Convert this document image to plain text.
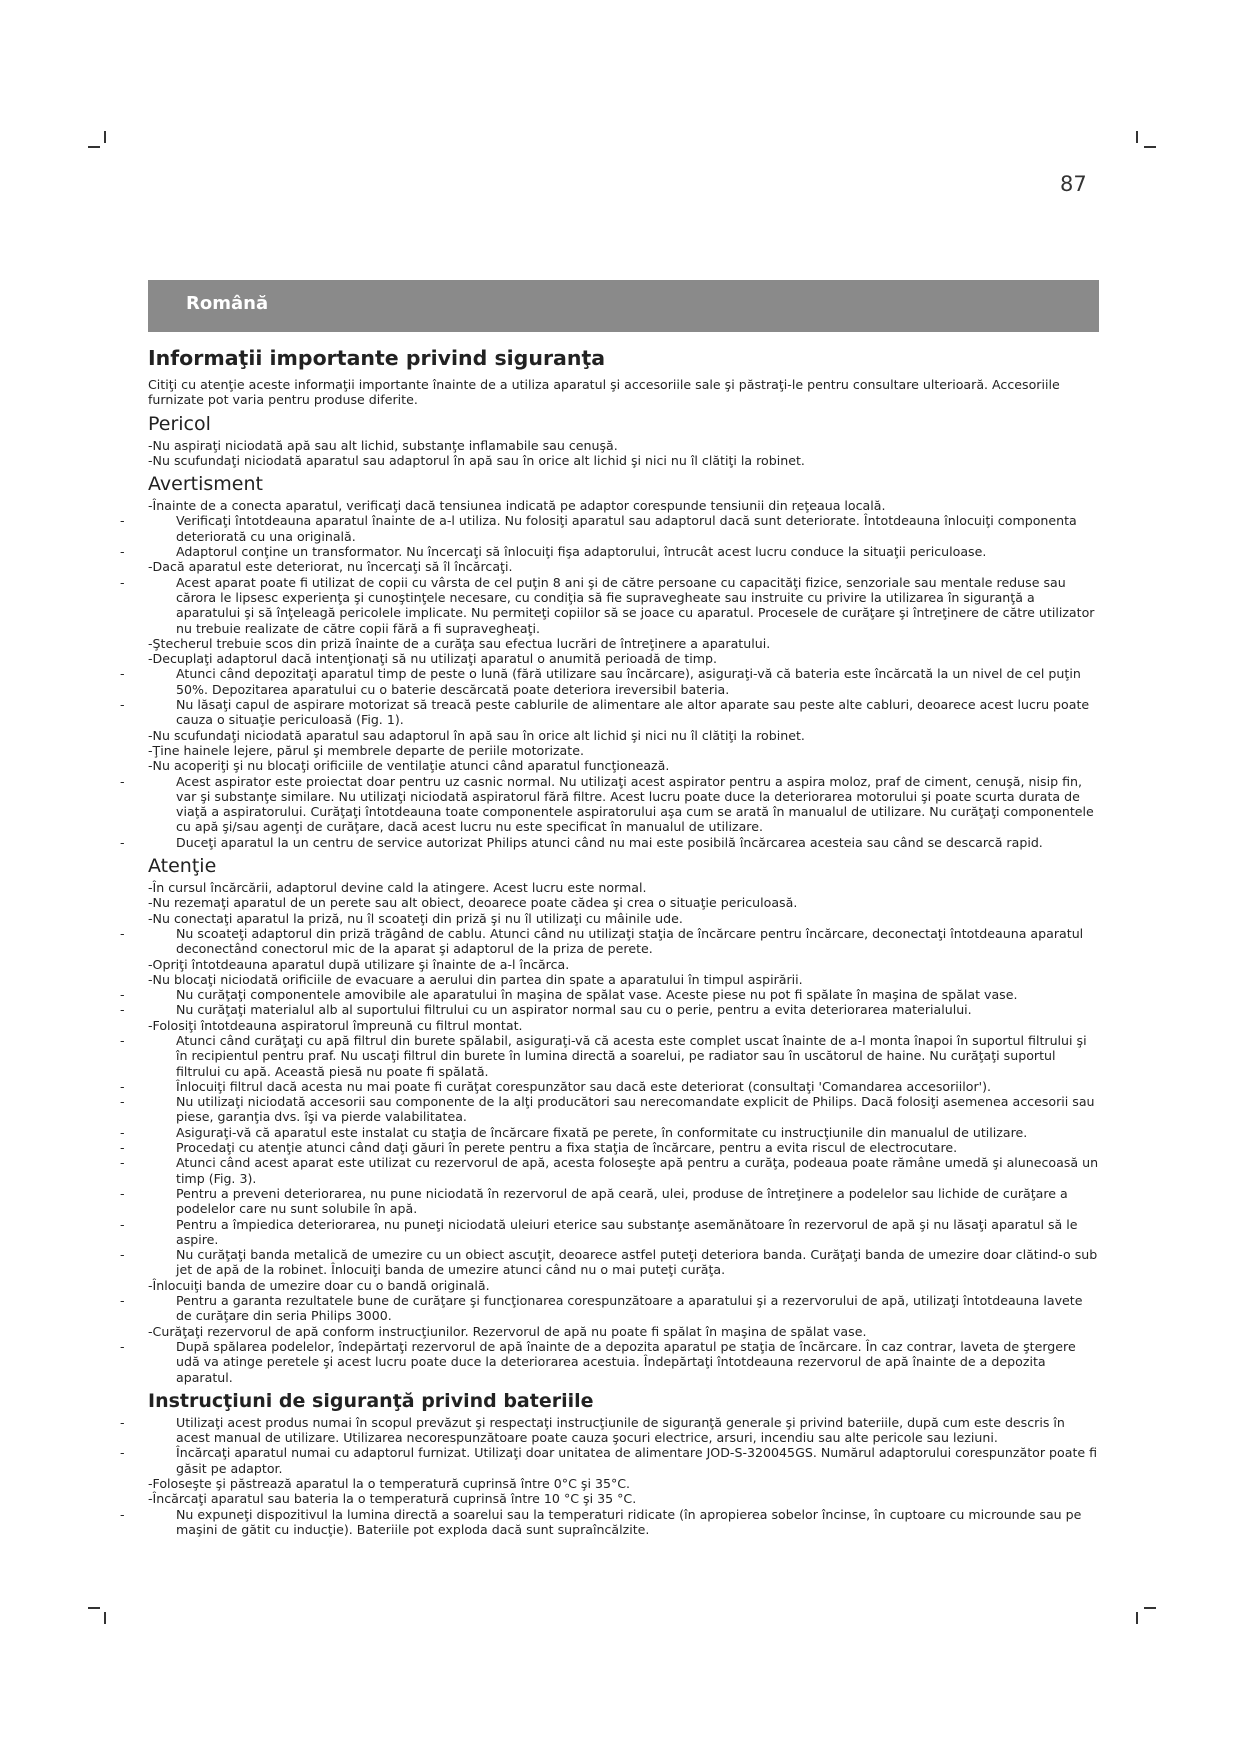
87
Română
Informaţii importante privind siguranţa

Citiţi cu atenţie aceste informaţii importante înainte de a utiliza aparatul şi accesoriile sale şi păstraţi-le pentru consultare ulterioară. Accesoriile furnizate pot varia pentru produse diferite.

Pericol

-Nu aspiraţi niciodată apă sau alt lichid, substanţe inflamabile sau cenuşă.

-Nu scufundaţi niciodată aparatul sau adaptorul în apă sau în orice alt lichid şi nici nu îl clătiţi la robinet.

Avertisment

-Înainte de a conecta aparatul, verificaţi dacă tensiunea indicată pe adaptor corespunde tensiunii din reţeaua locală.

-	Verificaţi întotdeauna aparatul înainte de a-l utiliza. Nu folosiţi aparatul sau adaptorul dacă sunt deteriorate. Întotdeauna înlocuiţi componenta deteriorată cu una originală.

-	Adaptorul conţine un transformator. Nu încercaţi să înlocuiţi fişa adaptorului, întrucât acest lucru conduce la situaţii periculoase.

-Dacă aparatul este deteriorat, nu încercaţi să îl încărcaţi.

-	Acest aparat poate fi utilizat de copii cu vârsta de cel puţin 8 ani şi de către persoane cu capacităţi fizice, senzoriale sau mentale reduse sau cărora le lipsesc experienţa şi cunoştinţele necesare, cu condiţia să fie supravegheate sau instruite cu privire la utilizarea în siguranţă a aparatului şi să înţeleagă pericolele implicate. Nu permiteţi copiilor să se joace cu aparatul. Procesele de curăţare şi întreţinere de către utilizator nu trebuie realizate de către copii fără a fi supravegheaţi.

-Ştecherul trebuie scos din priză înainte de a curăţa sau efectua lucrări de întreţinere a aparatului.

-Decuplaţi adaptorul dacă intenţionaţi să nu utilizaţi aparatul o anumită perioadă de timp.

-	Atunci când depozitaţi aparatul timp de peste o lună (fără utilizare sau încărcare), asiguraţi-vă că bateria este încărcată la un nivel de cel puţin 50%. Depozitarea aparatului cu o baterie descărcată poate deteriora ireversibil bateria.

-	Nu lăsaţi capul de aspirare motorizat să treacă peste cablurile de alimentare ale altor aparate sau peste alte cabluri, deoarece acest lucru poate cauza o situaţie periculoasă (Fig. 1).

-Nu scufundaţi niciodată aparatul sau adaptorul în apă sau în orice alt lichid şi nici nu îl clătiţi la robinet.

-Ţine hainele lejere, părul şi membrele departe de periile motorizate.

-Nu acoperiţi şi nu blocaţi orificiile de ventilaţie atunci când aparatul funcţionează.

-	Acest aspirator este proiectat doar pentru uz casnic normal. Nu utilizaţi acest aspirator pentru a aspira moloz, praf de ciment, cenuşă, nisip fin, var şi substanţe similare. Nu utilizaţi niciodată aspiratorul fără filtre. Acest lucru poate duce la deteriorarea motorului şi poate scurta durata de viaţă a aspiratorului. Curăţaţi întotdeauna toate componentele aspiratorului aşa cum se arată în manualul de utilizare. Nu curăţaţi componentele cu apă şi/sau agenţi de curăţare, dacă acest lucru nu este specificat în manualul de utilizare.

-	Duceţi aparatul la un centru de service autorizat Philips atunci când nu mai este posibilă încărcarea acesteia sau când se descarcă rapid.

Atenţie

-În cursul încărcării, adaptorul devine cald la atingere. Acest lucru este normal.

-Nu rezemaţi aparatul de un perete sau alt obiect, deoarece poate cădea şi crea o situaţie periculoasă.

-Nu conectaţi aparatul la priză, nu îl scoateţi din priză şi nu îl utilizaţi cu mâinile ude.

-	Nu scoateţi adaptorul din priză trăgând de cablu. Atunci când nu utilizaţi staţia de încărcare pentru încărcare, deconectaţi întotdeauna aparatul deconectând conectorul mic de la aparat şi adaptorul de la priza de perete.

-Opriţi întotdeauna aparatul după utilizare şi înainte de a-l încărca.

-Nu blocaţi niciodată orificiile de evacuare a aerului din partea din spate a aparatului în timpul aspirării.

-	Nu curăţaţi componentele amovibile ale aparatului în maşina de spălat vase. Aceste piese nu pot fi spălate în maşina de spălat vase.

-	Nu curăţaţi materialul alb al suportului filtrului cu un aspirator normal sau cu o perie, pentru a evita deteriorarea materialului.

-Folosiţi întotdeauna aspiratorul împreună cu filtrul montat.

-	Atunci când curăţaţi cu apă filtrul din burete spălabil, asiguraţi-vă că acesta este complet uscat înainte de a-l monta înapoi în suportul filtrului şi în recipientul pentru praf. Nu uscaţi filtrul din burete în lumina directă a soarelui, pe radiator sau în uscătorul de haine. Nu curăţaţi suportul filtrului cu apă. Această piesă nu poate fi spălată.

-	Înlocuiţi filtrul dacă acesta nu mai poate fi curăţat corespunzător sau dacă este deteriorat (consultaţi 'Comandarea accesoriilor').

-	Nu utilizaţi niciodată accesorii sau componente de la alţi producători sau nerecomandate explicit de Philips. Dacă folosiţi asemenea accesorii sau piese, garanţia dvs. îşi va pierde valabilitatea.

-	Asiguraţi-vă că aparatul este instalat cu staţia de încărcare fixată pe perete, în conformitate cu instrucţiunile din manualul de utilizare.

-	Procedaţi cu atenţie atunci când daţi găuri în perete pentru a fixa staţia de încărcare, pentru a evita riscul de electrocutare.

-	Atunci când acest aparat este utilizat cu rezervorul de apă, acesta foloseşte apă pentru a curăţa, podeaua poate rămâne umedă şi alunecoasă un timp (Fig. 3).

-	Pentru a preveni deteriorarea, nu pune niciodată în rezervorul de apă ceară, ulei, produse de întreţinere a podelelor sau lichide de curăţare a podelelor care nu sunt solubile în apă.

-	Pentru a împiedica deteriorarea, nu puneţi niciodată uleiuri eterice sau substanţe asemănătoare în rezervorul de apă şi nu lăsaţi aparatul să le aspire.

-	Nu curăţaţi banda metalică de umezire cu un obiect ascuţit, deoarece astfel puteţi deteriora banda. Curăţaţi banda de umezire doar clătind-o sub jet de apă de la robinet. Înlocuiţi banda de umezire atunci când nu o mai puteţi curăţa.

-Înlocuiţi banda de umezire doar cu o bandă originală.

-	Pentru a garanta rezultatele bune de curăţare şi funcţionarea corespunzătoare a aparatului şi a rezervorului de apă, utilizaţi întotdeauna lavete de curăţare din seria Philips 3000.

-Curăţaţi rezervorul de apă conform instrucţiunilor. Rezervorul de apă nu poate fi spălat în maşina de spălat vase.

-	După spălarea podelelor, îndepărtaţi rezervorul de apă înainte de a depozita aparatul pe staţia de încărcare. În caz contrar, laveta de ştergere udă va atinge peretele şi acest lucru poate duce la deteriorarea acestuia. Îndepărtaţi întotdeauna rezervorul de apă înainte de a depozita aparatul.

Instrucţiuni de siguranţă privind bateriile

-	Utilizaţi acest produs numai în scopul prevăzut şi respectaţi instrucţiunile de siguranţă generale şi privind bateriile, după cum este descris în acest manual de utilizare. Utilizarea necorespunzătoare poate cauza şocuri electrice, arsuri, incendiu sau alte pericole sau leziuni.

-	Încărcaţi aparatul numai cu adaptorul furnizat. Utilizaţi doar unitatea de alimentare JOD-S-320045GS. Numărul adaptorului corespunzător poate fi găsit pe adaptor.

-Foloseşte şi păstrează aparatul la o temperatură cuprinsă între 0°C şi 35°C.

-Încărcaţi aparatul sau bateria la o temperatură cuprinsă între 10 °C şi 35 °C.

-	Nu expuneţi dispozitivul la lumina directă a soarelui sau la temperaturi ridicate (în apropierea sobelor încinse, în cuptoare cu microunde sau pe maşini de gătit cu inducţie). Bateriile pot exploda dacă sunt supraîncălzite.
